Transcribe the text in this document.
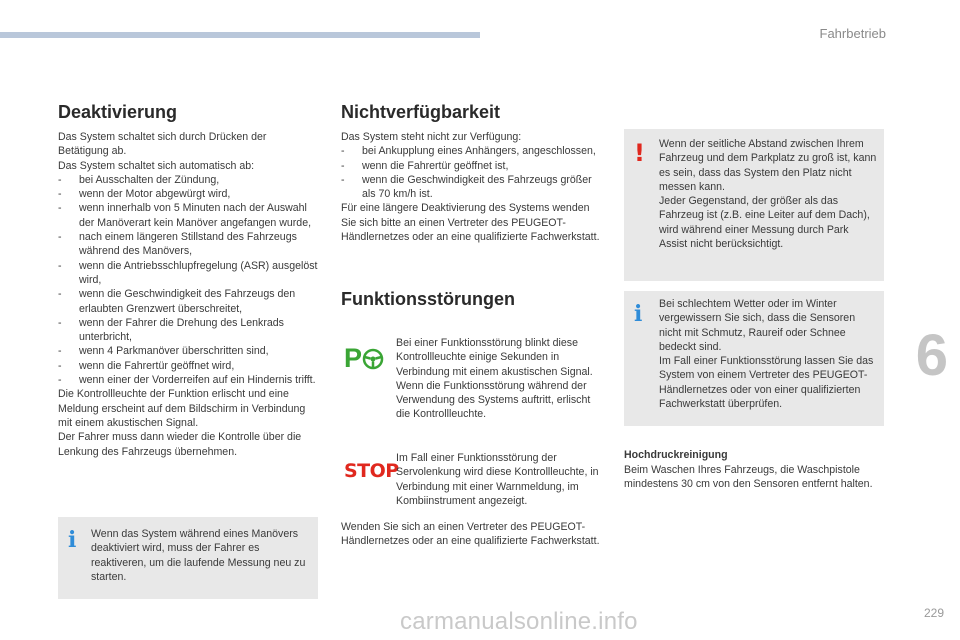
Fahrbetrieb
6
Deaktivierung

Das System schaltet sich durch Drücken der Betätigung ab.

Das System schaltet sich automatisch ab:

- bei Ausschalten der Zündung,
- wenn der Motor abgewürgt wird,
- wenn innerhalb von 5 Minuten nach der Auswahl der Manöverart kein Manöver angefangen wurde,
- nach einem längeren Stillstand des Fahrzeugs während des Manövers,
- wenn die Antriebsschlupfregelung (ASR) ausgelöst wird,
- wenn die Geschwindigkeit des Fahrzeugs den erlaubten Grenzwert überschreitet,
- wenn der Fahrer die Drehung des Lenkrads unterbricht,
- wenn 4 Parkmanöver überschritten sind,
- wenn die Fahrertür geöffnet wird,
- wenn einer der Vorderreifen auf ein Hindernis trifft.

Die Kontrollleuchte der Funktion erlischt und eine Meldung erscheint auf dem Bildschirm in Verbindung mit einem akustischen Signal.

Der Fahrer muss dann wieder die Kontrolle über die Lenkung des Fahrzeugs übernehmen.

i Wenn das System während eines Manövers deaktiviert wird, muss der Fahrer es reaktiveren, um die laufende Messung neu zu starten.
Nichtverfügbarkeit

Das System steht nicht zur Verfügung:

- bei Ankupplung eines Anhängers, angeschlossen,
- wenn die Fahrertür geöffnet ist,
- wenn die Geschwindigkeit des Fahrzeugs größer als 70 km/h ist.

Für eine längere Deaktivierung des Systems wenden Sie sich bitte an einen Vertreter des PEUGEOT-Händlernetzes oder an eine qualifizierte Fachwerkstatt.

Funktionsstörungen
P	Bei einer Funktionsstörung blinkt diese Kontrollleuchte einige Sekunden in Verbindung mit einem akustischen Signal. Wenn die Funktionsstörung während der Verwendung des Systems auftritt, erlischt die Kontrollleuchte.
STOP
Im Fall einer Funktionsstörung der Servolenkung wird diese Kontrollleuchte, in Verbindung mit einer Warnmeldung, im Kombiinstrument angezeigt.
Wenden Sie sich an einen Vertreter des PEUGEOT-Händlernetzes oder an eine qualifizierte Fachwerkstatt.
! Wenn der seitliche Abstand zwischen Ihrem Fahrzeug und dem Parkplatz zu groß ist, kann es sein, dass das System den Platz nicht messen kann.

Jeder Gegenstand, der größer als das Fahrzeug ist (z.B. eine Leiter auf dem Dach), wird während einer Messung durch Park Assist nicht berücksichtigt.

i Bei schlechtem Wetter oder im Winter vergewissern Sie sich, dass die Sensoren nicht mit Schmutz, Raureif oder Schnee bedeckt sind.

Im Fall einer Funktionsstörung lassen Sie das System von einem Vertreter des PEUGEOT-Händlernetzes oder von einer qualifizierten Fachwerkstatt überprüfen.

Hochdruckreinigung
Beim Waschen Ihres Fahrzeugs, die Waschpistole mindestens 30 cm von den Sensoren entfernt halten.
carmanualsonline.info	229
